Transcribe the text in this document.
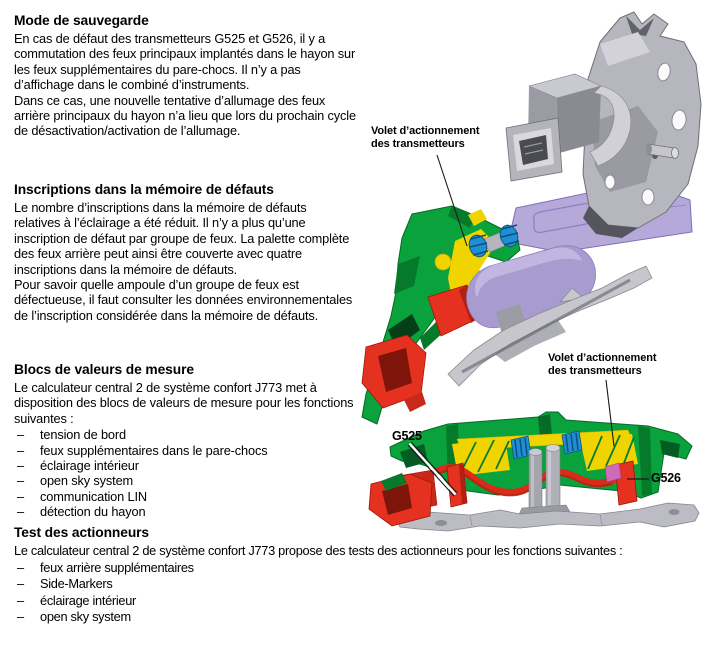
Mode de sauvegarde

En cas de défaut des transmetteurs G525 et G526, il y a commutation des feux principaux implantés dans le hayon sur les feux supplémentaires du pare-chocs. Il n’y a pas d’affichage dans le combiné d’instruments.

Dans ce cas, une nouvelle tentative d’allumage des feux arrière principaux du hayon n’a lieu que lors du prochain cycle de désactivation/activation de l’allumage.

Inscriptions dans la mémoire de défauts

Le nombre d’inscriptions dans la mémoire de défauts relatives à l’éclairage a été réduit. Il n’y a plus qu’une inscription de défaut par groupe de feux. La palette complète des feux arrière peut ainsi être couverte avec quatre inscriptions dans la mémoire de défauts.

Pour savoir quelle ampoule d’un groupe de feux est défectueuse, il faut consulter les données environnementales de l’inscription considérée dans la mémoire de défauts.

Blocs de valeurs de mesure

Le calculateur central 2 de système confort J773 met à disposition des blocs de valeurs de mesure pour les fonctions suivantes :

–	tension de bord
–	feux supplémentaires dans le pare-chocs
–	éclairage intérieur
–	open sky system
–	communication LIN
–	détection du hayon
Test des actionneurs

Le calculateur central 2 de système confort J773 propose des tests des actionneurs pour les fonctions suivantes :

–	feux arrière supplémentaires
–	Side-Markers
–	éclairage intérieur
–	open sky system
Volet d’actionnement des transmetteurs
Volet d’actionnement des transmetteurs
G525
G526
